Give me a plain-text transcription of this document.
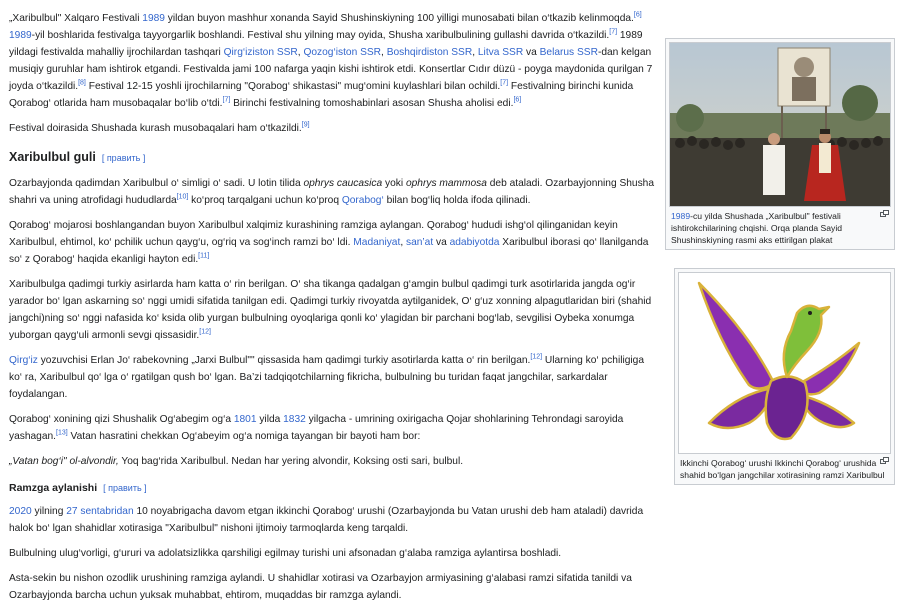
„Xaribulbul" Xalqaro Festivali 1989 yildan buyon mashhur xonanda Sayid Shushinskiyning 100 yilligi munosabati bilan o‘tkazib kelinmoqda.[6] 1989-yil boshlarida festivalga tayyorgarlik boshlandi. Festival shu yilning may oyida, Shusha xaribulbulining gullashi davrida o‘tkazildi.[7] 1989 yildagi festivalda mahalliy ijrochilardan tashqari Qirg‘iziston SSR, Qozog‘iston SSR, Boshqirdiston SSR, Litva SSR va Belarus SSR-dan kelgan musiqiy guruhlar ham ishtirok etgandi. Festivalda jami 100 nafarga yaqin kishi ishtirok etdi. Konsertlar Cıdır düzü - poyga maydonida qurilgan 7 joyda o‘tkazildi.[8] Festival 12-15 yoshli ijrochilarning "Qorabog‘ shikastasi" mug‘omini kuylashlari bilan ochildi.[7] Festivalning birinchi kunida Qorabog‘ otlarida ham musobaqalar bo‘lib o‘tdi.[7] Birinchi festivalning tomoshabinlari asosan Shusha aholisi edi.[6]

Festival doirasida Shushada kurash musobaqalari ham o‘tkazildi.[9]

Xaribulbul guli [ править ]

Ozarbayjonda qadimdan Xaribulbul o‘ simligi o‘ sadi. U lotin tilida ophrys caucasica yoki ophrys mammosa deb ataladi. Ozarbayjonning Shusha shahri va uning atrofidagi hududlarda[10] ko‘proq tarqalgani uchun ko‘proq Qorabog‘ bilan bog‘liq holda ifoda qilinadi.

Qorabog‘ mojarosi boshlangandan buyon Xaribulbul xalqimiz kurashining ramziga aylangan. Qorabog‘ hududi ishg‘ol qilinganidan keyin Xaribulbul, ehtimol, ko‘ pchilik uchun qayg‘u, og‘riq va sog‘inch ramzi bo‘ ldi. Madaniyat, san’at va adabiyotda Xaribulbul iborasi qo‘ llanilganda so‘ z Qorabog‘ haqida ekanligi hayton edi.[11]

Xaribulbulga qadimgi turkiy asirlarda ham katta o‘ rin berilgan. O‘ sha tikanga qadalgan g‘amgin bulbul qadimgi turk asotirlarida jangda og‘ir yarador bo‘ lgan askarning so‘ nggi umidi sifatida tanilgan edi. Qadimgi turkiy rivoyatda aytilganidek, O‘ g‘uz xonning alpagutlaridan biri (shahid jangchi)ning so‘ nggi nafasida ko‘ ksida olib yurgan bulbulning oyoqlariga qonli ko‘ ylagidan bir parchani bog‘lab, sevgilisi Oybeka xonumga yuborgan qayg‘uli armonli sevgi qissasidir.[12]

Qirg‘iz yozuvchisi Erlan Jo‘ rabekovning „Jarxi Bulbul"" qissasida ham qadimgi turkiy asotirlarda katta o‘ rin berilgan.[12] Ularning ko‘ pchiligiga ko‘ ra, Xaribulbul qo‘ lga o‘ rgatilgan qush bo‘ lgan. Ba’zi tadqiqotchilarning fikricha, bulbulning bu turidan faqat jangchilar, sarkardalar foydalangan.

Qorabog‘ xonining qizi Shushalik Og‘abegim og‘a 1801 yilda 1832 yilgacha - umrining oxirigacha Qojar shohlarining Tehrondagi saroyida yashagan.[13] Vatan hasratini chekkan Og‘abeyim og‘a nomiga tayangan bir bayoti ham bor:

„Vatan bog‘i" ol-alvondir, Yoq bag‘rida Xaribulbul. Nedan har yering alvondir, Koksing osti sari, bulbul.

Ramzga aylanishi [ править ]

2020 yilning 27 sentabridan 10 noyabrigacha davom etgan ikkinchi Qorabog‘ urushi (Ozarbayjonda bu Vatan urushi deb ham ataladi) davrida halok bo‘ lgan shahidlar xotirasiga "Xaribulbul" nishoni ijtimoiy tarmoqlarda keng tarqaldi.

Bulbulning ulug‘vorligi, g‘ururi va adolatsizlikka qarshiligi egilmay turishi uni afsonadan g‘alaba ramziga aylantirsa boshladi.

Asta-sekin bu nishon ozodlik urushining ramziga aylandi. U shahidlar xotirasi va Ozarbayjon armiyasining g‘alabasi ramzi sifatida tanildi va Ozarbayjonda barcha uchun yuksak muhabbat, ehtirom, muqaddas bir ramzga aylandi.

1989-cu yilda Shushada „Xaribulbul" festivali ishtirokchilarining chqishi. Orqa planda Sayid Shushinskiyning rasmi aks ettirilgan plakat
Ikkinchi Qorabog‘ urushi Ikkinchi Qorabog‘ urushida shahid bo‘lgan jangchilar xotirasining ramzi Xaribulbul
